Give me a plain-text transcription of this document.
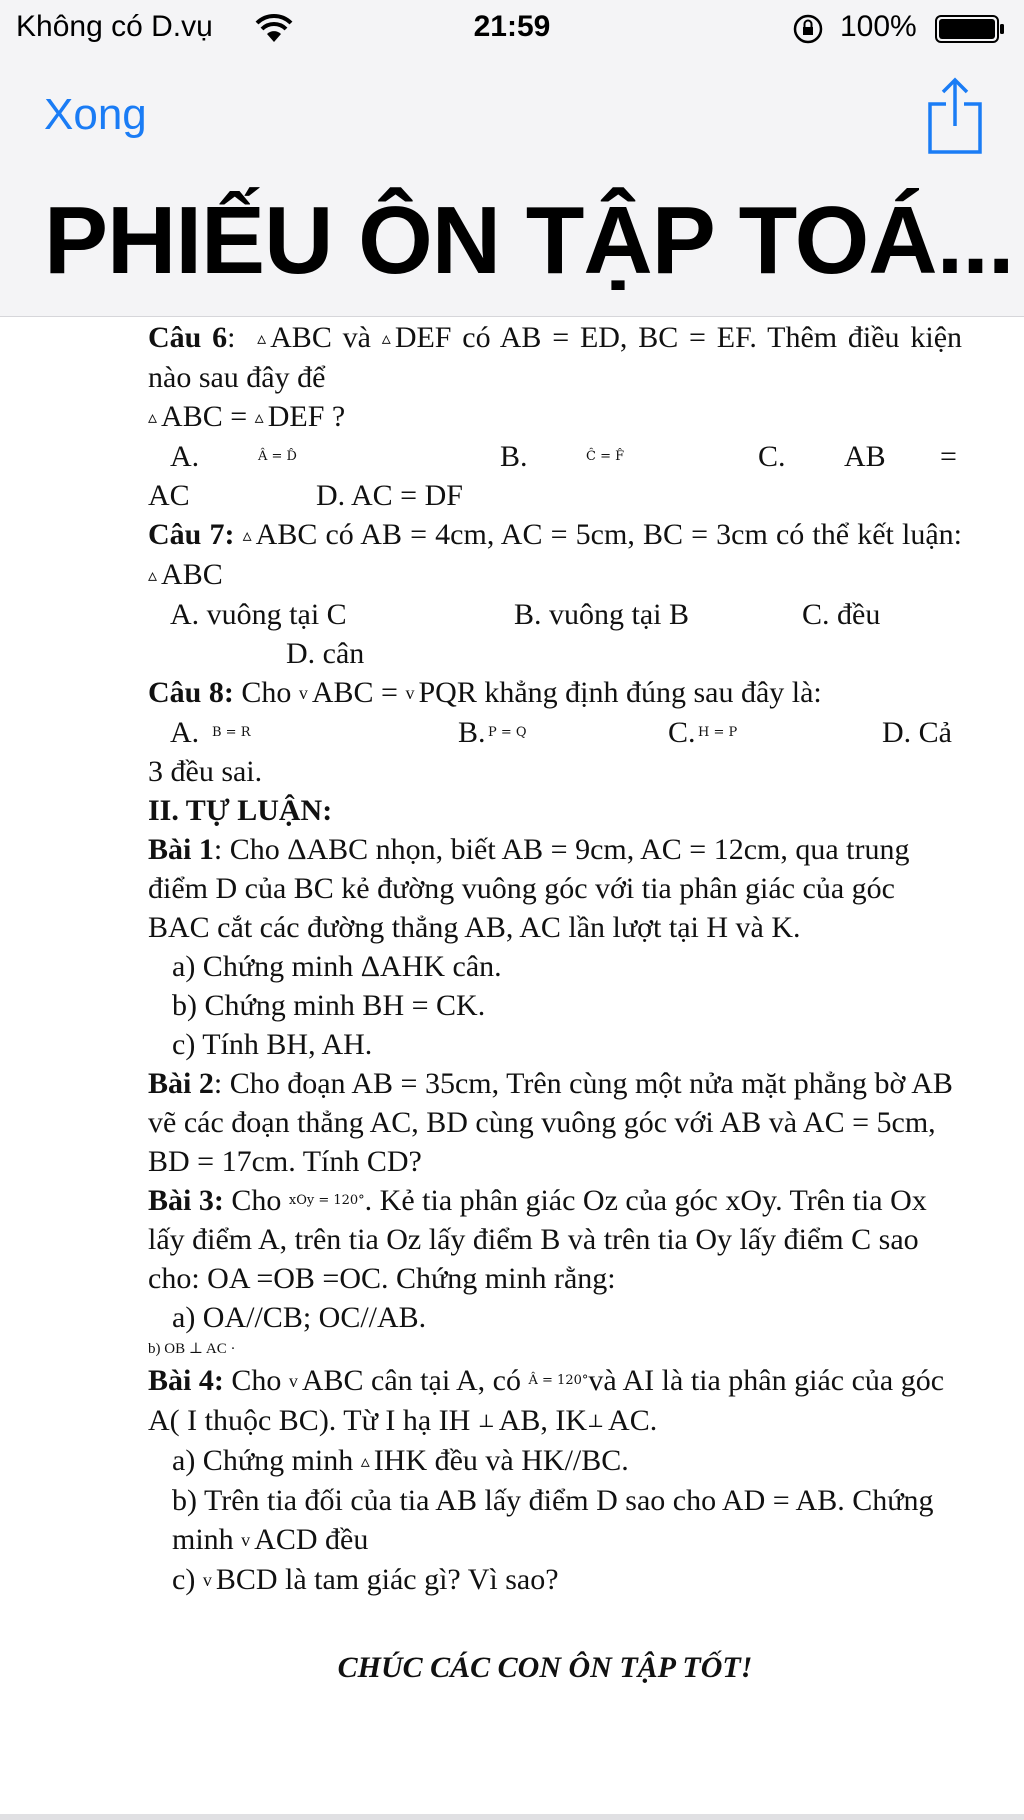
Không có D.vụ	21:59	100%
Xong
PHIẾU ÔN TẬP TOÁ...

Câu 6:  ▵ ABC và ▵ DEF có AB = ED, BC = EF. Thêm điều kiện nào sau đây để

▵ ABC = ▵ DEF ?

A.	Â = D̂	B.	Ĉ = F̂	C. AB =
AC	D. AC = DF

Câu 7: ▵ ABC có AB = 4cm, AC = 5cm, BC = 3cm có thể kết luận: ▵ ABC

A. vuông tại C	B. vuông tại B	C. đều
D. cân

Câu 8: Cho v ABC = v PQR khẳng định đúng sau đây là:

A. B = R	B. P = Q	C. H = P	D. Cả

3 đều sai.

II. TỰ LUẬN:

Bài 1: Cho ΔABC nhọn, biết AB = 9cm, AC = 12cm, qua trung điểm D của BC kẻ đường vuông góc với tia phân giác của góc BAC cắt các đường thẳng AB, AC lần lượt tại H và K.

a) Chứng minh ΔAHK cân.

b) Chứng minh BH = CK.

c) Tính BH, AH.

Bài 2: Cho đoạn AB = 35cm, Trên cùng một nửa mặt phẳng bờ AB vẽ các đoạn thẳng AC, BD cùng vuông góc với AB và AC = 5cm, BD = 17cm. Tính CD?

Bài 3: Cho $^{xOy = 120^\circ}$. Kẻ tia phân giác Oz của góc xOy. Trên tia Ox lấy điểm A, trên tia Oz lấy điểm B và trên tia Oy lấy điểm C sao cho: OA =OB =OC. Chứng minh rằng:

a) OA//CB; OC//AB.

b) OB ⊥ AC ·

Bài 4: Cho v ABC cân tại A, có $^{Â = 120^\circ}$và AI là tia phân giác của góc A( I thuộc BC). Từ I hạ IH ⊥ AB, IK⊥ AC.

a) Chứng minh ▵ IHK đều và HK//BC.

b) Trên tia đối của tia AB lấy điểm D sao cho AD = AB. Chứng minh v ACD đều

c) v BCD là tam giác gì? Vì sao?

CHÚC CÁC CON ÔN TẬP TỐT!
